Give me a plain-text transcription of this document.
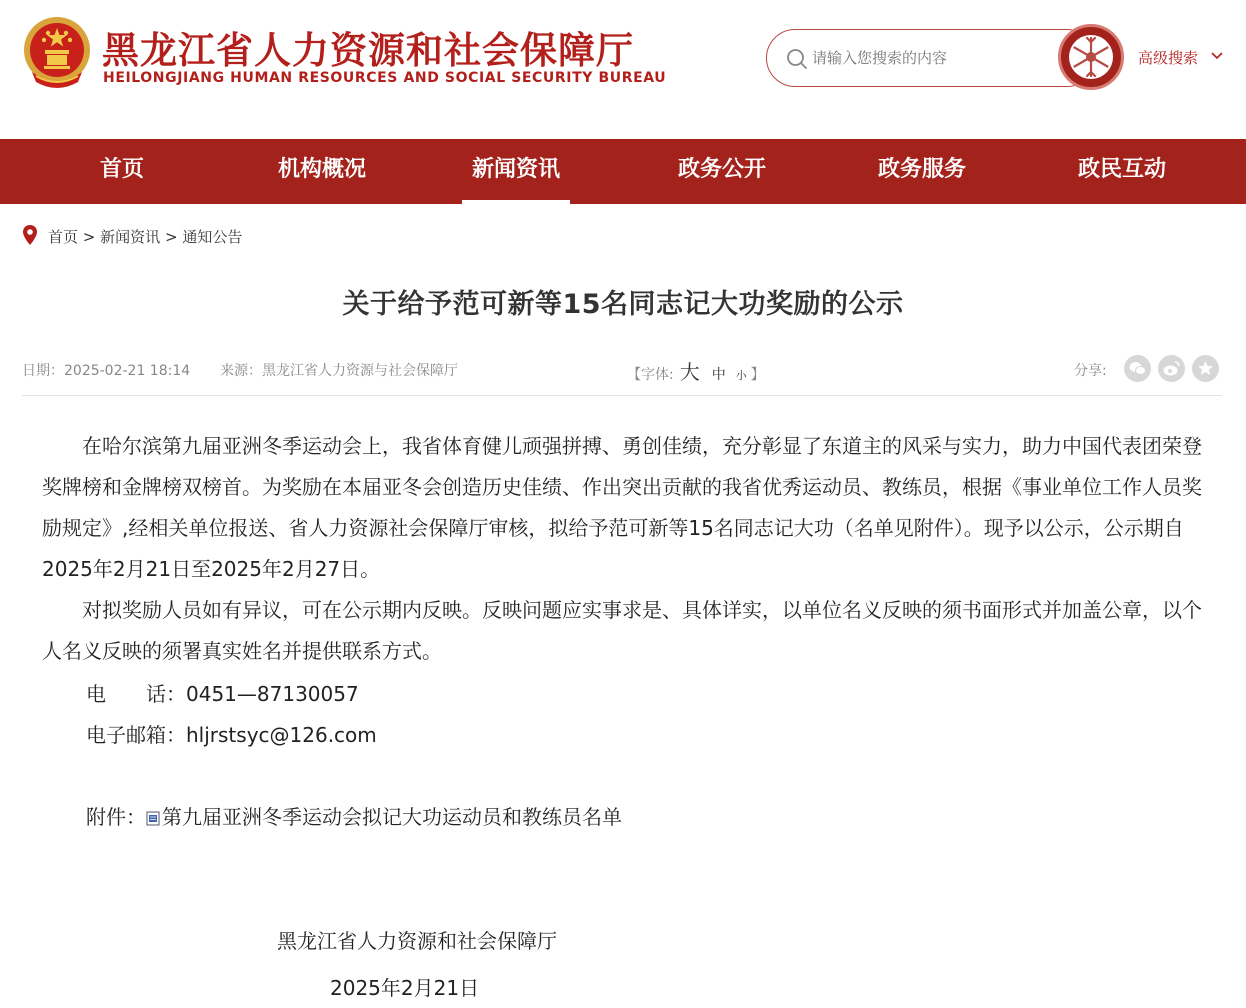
黑龙江省人力资源和社会保障厅
HEILONGJIANG HUMAN RESOURCES AND SOCIAL SECURITY BUREAU
请输入您搜索的内容
高级搜索
首页	机构概况	新闻资讯	政务公开	政务服务	政民互动
首页 > 新闻资讯 > 通知公告
关于给予范可新等15名同志记大功奖励的公示
日期：2025-02-21 18:14 来源：黑龙江省人力资源与社会保障厅	【字体: 大 中 小 】	分享:

在哈尔滨第九届亚洲冬季运动会上，我省体育健儿顽强拼搏、勇创佳绩，充分彰显了东道主的风采与实力，助力中国代表团荣登奖牌榜和金牌榜双榜首。为奖励在本届亚冬会创造历史佳绩、作出突出贡献的我省优秀运动员、教练员，根据《事业单位工作人员奖励规定》,经相关单位报送、省人力资源社会保障厅审核，拟给予范可新等15名同志记大功（名单见附件）。现予以公示，公示期自2025年2月21日至2025年2月27日。

对拟奖励人员如有异议，可在公示期内反映。反映问题应实事求是、具体详实，以单位名义反映的须书面形式并加盖公章，以个人名义反映的须署真实姓名并提供联系方式。

电　　话：0451—87130057
电子邮箱：hljrstsyc@126.com
附件： 第九届亚洲冬季运动会拟记大功运动员和教练员名单
黑龙江省人力资源和社会保障厅
2025年2月21日
